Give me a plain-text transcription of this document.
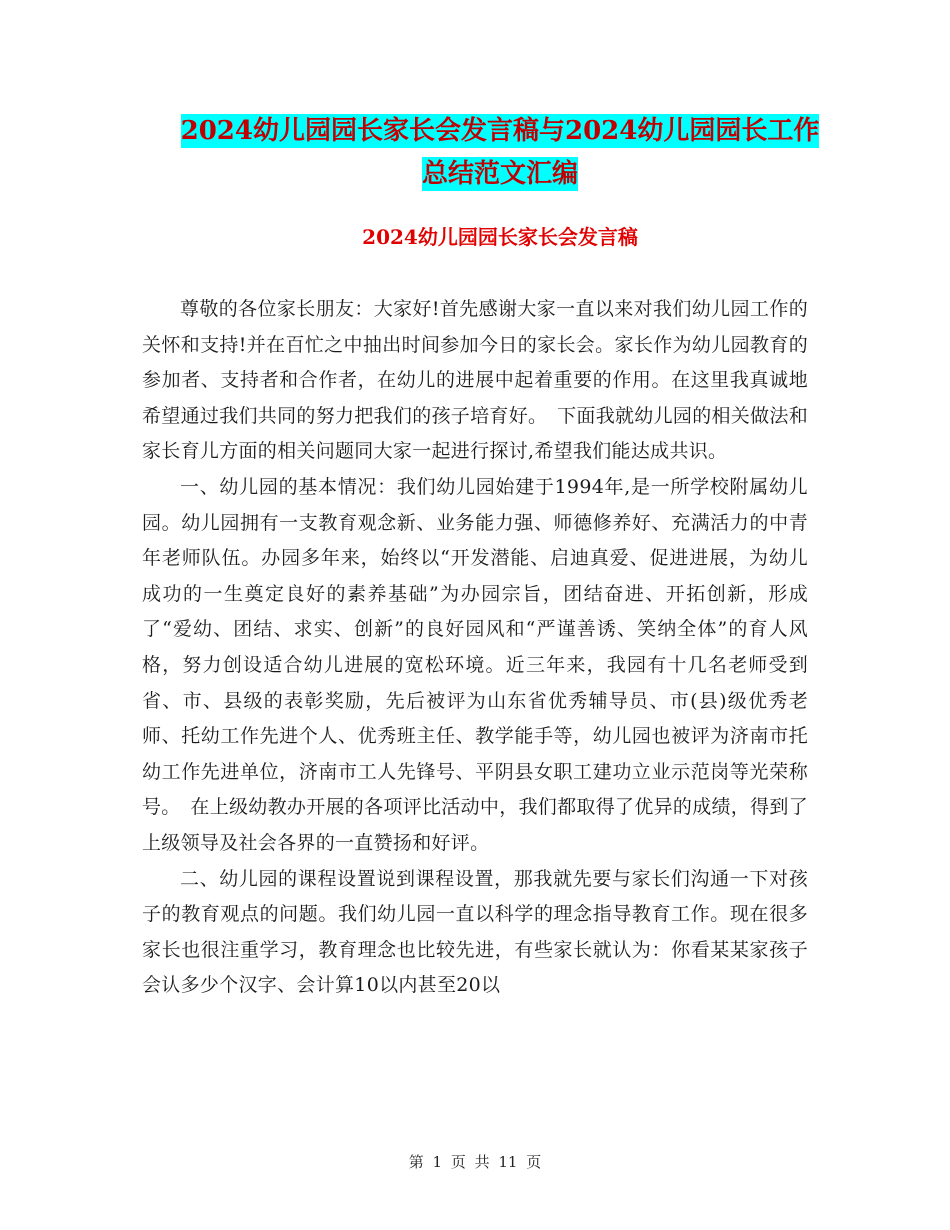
2024幼儿园园长家长会发言稿与2024幼儿园园长工作
总结范文汇编
2024幼儿园园长家长会发言稿

尊敬的各位家长朋友：大家好!首先感谢大家一直以来对我们幼儿园工作的关怀和支持!并在百忙之中抽出时间参加今日的家长会。家长作为幼儿园教育的参加者、支持者和合作者，在幼儿的进展中起着重要的作用。在这里我真诚地希望通过我们共同的努力把我们的孩子培育好。　下面我就幼儿园的相关做法和家长育儿方面的相关问题同大家一起进行探讨,希望我们能达成共识。

一、幼儿园的基本情况：我们幼儿园始建于1994年,是一所学校附属幼儿园。幼儿园拥有一支教育观念新、业务能力强、师德修养好、充满活力的中青年老师队伍。办园多年来，始终以“开发潜能、启迪真爱、促进进展，为幼儿成功的一生奠定良好的素养基础”为办园宗旨，团结奋进、开拓创新，形成了“爱幼、团结、求实、创新”的良好园风和“严谨善诱、笑纳全体”的育人风格，努力创设适合幼儿进展的宽松环境。近三年来，我园有十几名老师受到省、市、县级的表彰奖励，先后被评为山东省优秀辅导员、市(县)级优秀老师、托幼工作先进个人、优秀班主任、教学能手等，幼儿园也被评为济南市托幼工作先进单位，济南市工人先锋号、平阴县女职工建功立业示范岗等光荣称号。　在上级幼教办开展的各项评比活动中，我们都取得了优异的成绩，得到了上级领导及社会各界的一直赞扬和好评。

二、幼儿园的课程设置说到课程设置，那我就先要与家长们沟通一下对孩子的教育观点的问题。我们幼儿园一直以科学的理念指导教育工作。现在很多家长也很注重学习，教育理念也比较先进，有些家长就认为：你看某某家孩子会认多少个汉字、会计算10以内甚至20以

第 1 页 共 11 页
